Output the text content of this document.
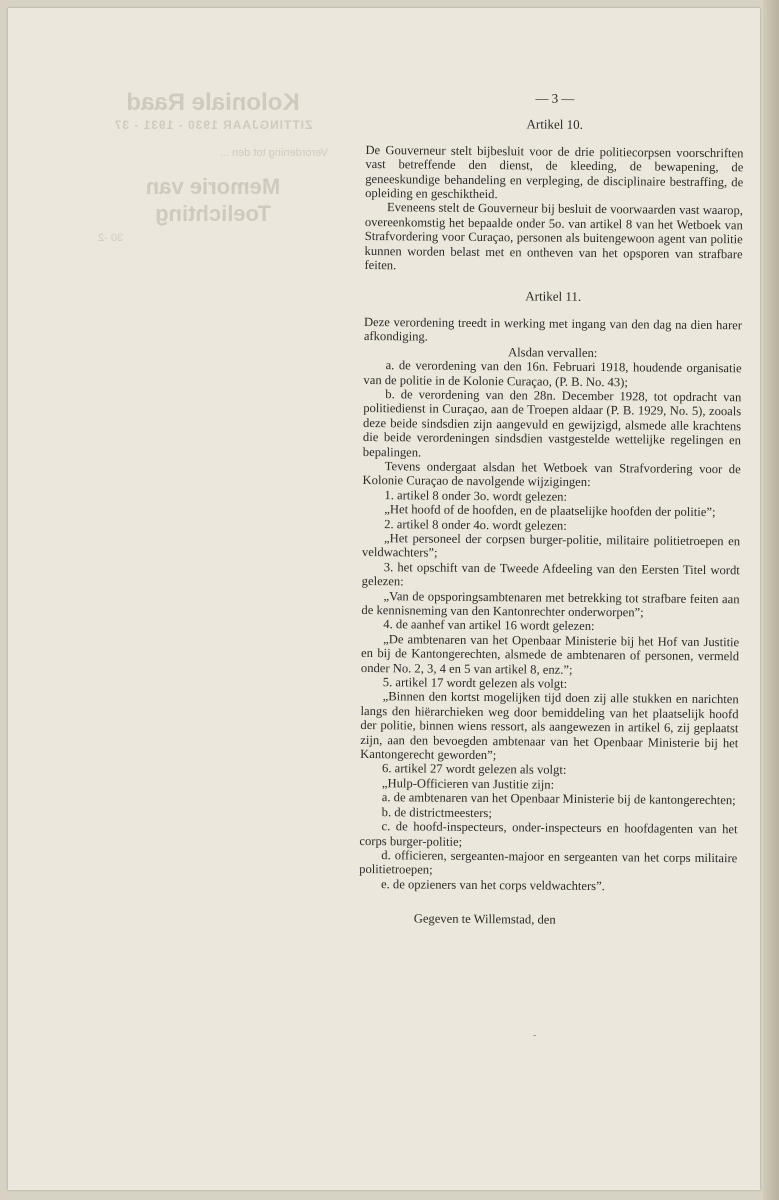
Koloniale Raad
ZITTINGJAAR 1930 - 1931 - 37
Verordening tot den ...
Memorie van Toelichting
30 -2
— 3 —
Artikel 10.

De Gouverneur stelt bijbesluit voor de drie politiecorpsen voorschriften vast betreffende den dienst, de kleeding, de bewapening, de geneeskundige behandeling en verpleging, de disciplinaire bestraffing, de opleiding en geschiktheid.

Eveneens stelt de Gouverneur bij besluit de voorwaarden vast waarop, overeenkomstig het bepaalde onder 5o. van artikel 8 van het Wetboek van Strafvordering voor Curaçao, personen als buitengewoon agent van politie kunnen worden belast met en ontheven van het opsporen van strafbare feiten.

Artikel 11.

Deze verordening treedt in werking met ingang van den dag na dien harer afkondiging.

Alsdan vervallen:

a. de verordening van den 16n. Februari 1918, houdende organisatie van de politie in de Kolonie Curaçao, (P. B. No. 43);

b. de verordening van den 28n. December 1928, tot opdracht van politiedienst in Curaçao, aan de Troepen aldaar (P. B. 1929, No. 5), zooals deze beide sindsdien zijn aangevuld en gewijzigd, alsmede alle krachtens die beide verordeningen sindsdien vastgestelde wettelijke regelingen en bepalingen.

Tevens ondergaat alsdan het Wetboek van Strafvordering voor de Kolonie Curaçao de navolgende wijzigingen:

1. artikel 8 onder 3o. wordt gelezen:

„Het hoofd of de hoofden, en de plaatselijke hoofden der politie”;

2. artikel 8 onder 4o. wordt gelezen:

„Het personeel der corpsen burger-politie, militaire politietroepen en veldwachters”;

3. het opschift van de Tweede Afdeeling van den Eersten Titel wordt gelezen:

„Van de opsporingsambtenaren met betrekking tot strafbare feiten aan de kennisneming van den Kantonrechter onderworpen”;

4. de aanhef van artikel 16 wordt gelezen:

„De ambtenaren van het Openbaar Ministerie bij het Hof van Justitie en bij de Kantongerechten, alsmede de ambtenaren of personen, vermeld onder No. 2, 3, 4 en 5 van artikel 8, enz.”;

5. artikel 17 wordt gelezen als volgt:

„Binnen den kortst mogelijken tijd doen zij alle stukken en narichten langs den hiërarchieken weg door bemiddeling van het plaatselijk hoofd der politie, binnen wiens ressort, als aangewezen in artikel 6, zij geplaatst zijn, aan den bevoegden ambtenaar van het Openbaar Ministerie bij het Kantongerecht geworden”;

6. artikel 27 wordt gelezen als volgt:

„Hulp-Officieren van Justitie zijn:

a. de ambtenaren van het Openbaar Ministerie bij de kantongerechten;

b. de districtmeesters;

c. de hoofd-inspecteurs, onder-inspecteurs en hoofdagenten van het corps burger-politie;

d. officieren, sergeanten-majoor en sergeanten van het corps militaire politietroepen;

e. de opzieners van het corps veldwachters”.

Gegeven te Willemstad, den

-
